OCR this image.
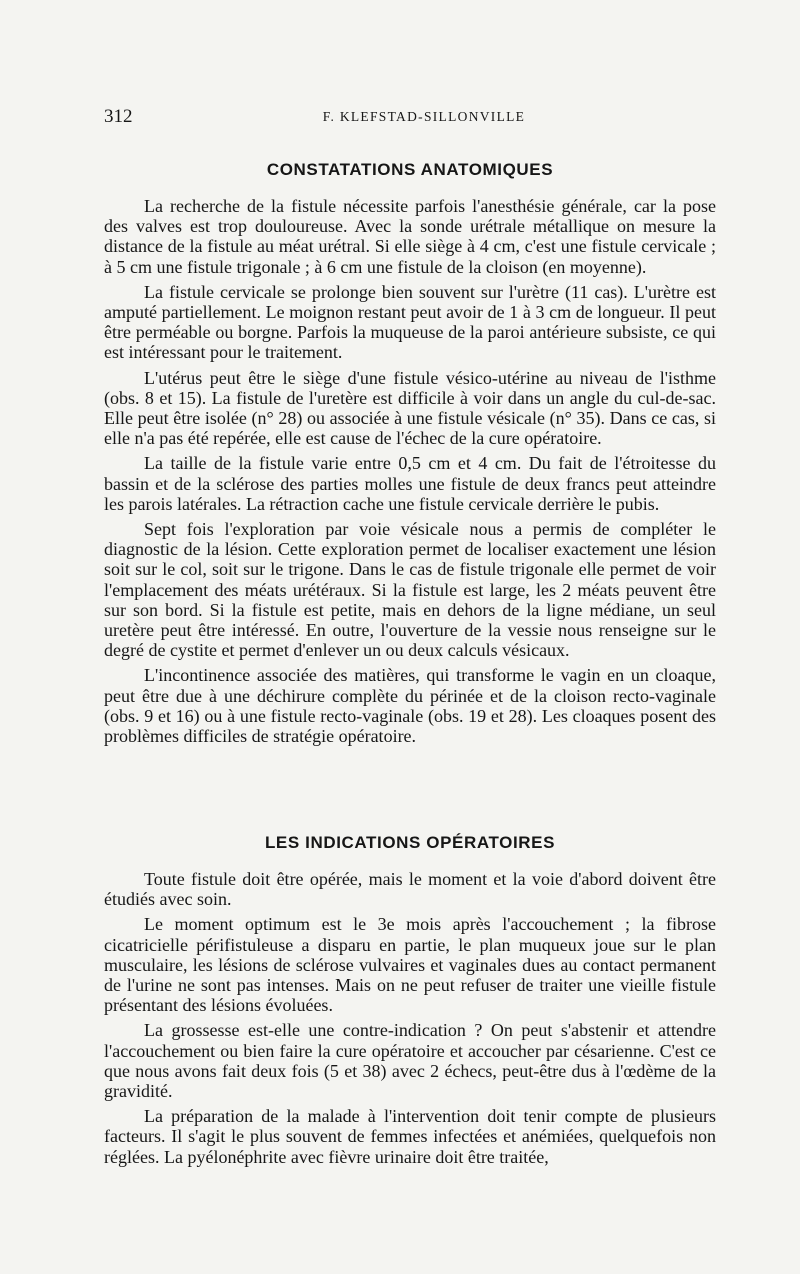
312	F. KLEFSTAD-SILLONVILLE
CONSTATATIONS ANATOMIQUES

La recherche de la fistule nécessite parfois l'anesthésie générale, car la pose des valves est trop douloureuse. Avec la sonde urétrale métallique on mesure la distance de la fistule au méat urétral. Si elle siège à 4 cm, c'est une fistule cervicale ; à 5 cm une fistule trigonale ; à 6 cm une fistule de la cloison (en moyenne).

La fistule cervicale se prolonge bien souvent sur l'urètre (11 cas). L'urètre est amputé partiellement. Le moignon restant peut avoir de 1 à 3 cm de longueur. Il peut être perméable ou borgne. Parfois la muqueuse de la paroi antérieure subsiste, ce qui est intéressant pour le traitement.

L'utérus peut être le siège d'une fistule vésico-utérine au niveau de l'isthme (obs. 8 et 15). La fistule de l'uretère est difficile à voir dans un angle du cul-de-sac. Elle peut être isolée (n° 28) ou associée à une fistule vésicale (n° 35). Dans ce cas, si elle n'a pas été repérée, elle est cause de l'échec de la cure opératoire.

La taille de la fistule varie entre 0,5 cm et 4 cm. Du fait de l'étroitesse du bassin et de la sclérose des parties molles une fistule de deux francs peut atteindre les parois latérales. La rétraction cache une fistule cervicale derrière le pubis.

Sept fois l'exploration par voie vésicale nous a permis de compléter le diagnostic de la lésion. Cette exploration permet de localiser exactement une lésion soit sur le col, soit sur le trigone. Dans le cas de fistule trigonale elle permet de voir l'emplacement des méats urétéraux. Si la fistule est large, les 2 méats peuvent être sur son bord. Si la fistule est petite, mais en dehors de la ligne médiane, un seul uretère peut être intéressé. En outre, l'ouverture de la vessie nous renseigne sur le degré de cystite et permet d'enlever un ou deux calculs vésicaux.

L'incontinence associée des matières, qui transforme le vagin en un cloaque, peut être due à une déchirure complète du périnée et de la cloison recto-vaginale (obs. 9 et 16) ou à une fistule recto-vaginale (obs. 19 et 28). Les cloaques posent des problèmes difficiles de stratégie opératoire.

LES INDICATIONS OPÉRATOIRES

Toute fistule doit être opérée, mais le moment et la voie d'abord doivent être étudiés avec soin.

Le moment optimum est le 3e mois après l'accouchement ; la fibrose cicatricielle périfistuleuse a disparu en partie, le plan muqueux joue sur le plan musculaire, les lésions de sclérose vulvaires et vaginales dues au contact permanent de l'urine ne sont pas intenses. Mais on ne peut refuser de traiter une vieille fistule présentant des lésions évoluées.

La grossesse est-elle une contre-indication ? On peut s'abstenir et attendre l'accouchement ou bien faire la cure opératoire et accoucher par césarienne. C'est ce que nous avons fait deux fois (5 et 38) avec 2 échecs, peut-être dus à l'œdème de la gravidité.

La préparation de la malade à l'intervention doit tenir compte de plusieurs facteurs. Il s'agit le plus souvent de femmes infectées et anémiées, quelquefois non réglées. La pyélonéphrite avec fièvre urinaire doit être traitée,
